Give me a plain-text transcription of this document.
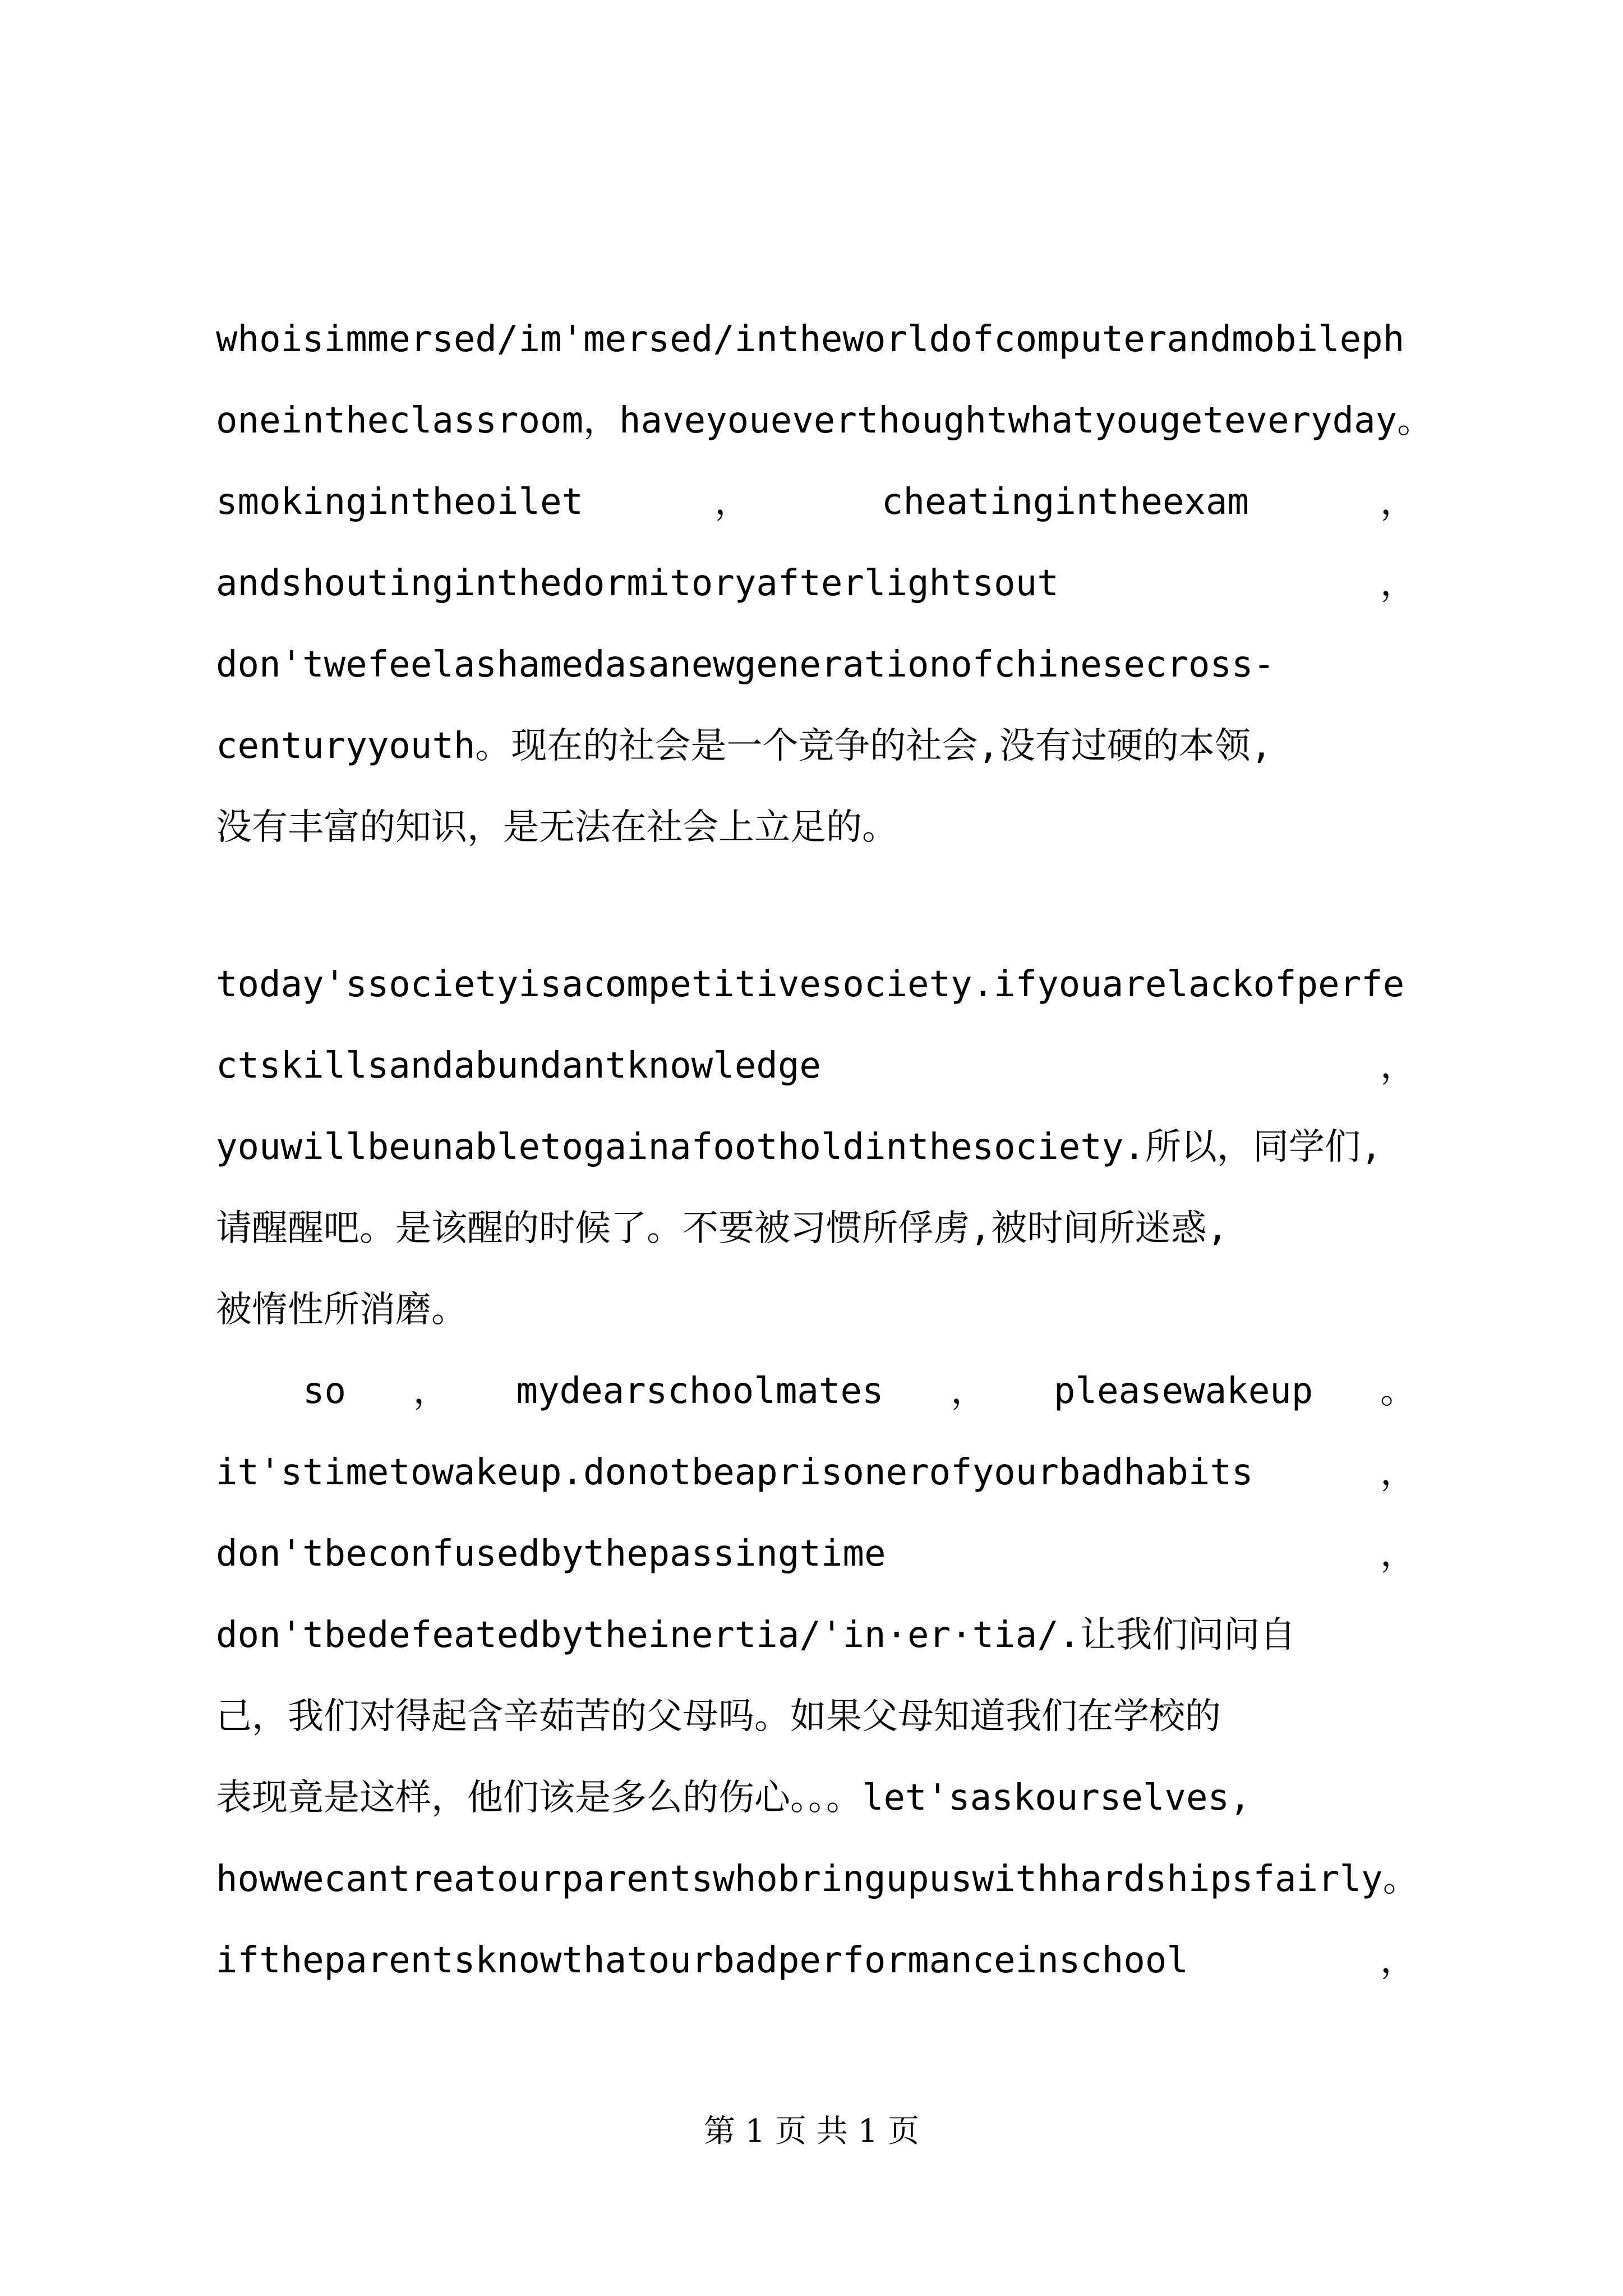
whoisimmersed/im'mersed/intheworldofcomputerandmobileph
oneintheclassroom，haveyoueverthoughtwhatyougeteveryday。
smokingintheoilet	，	cheatingintheexam	，
andshoutinginthedormitoryafterlightsout	，
don'twefeelashamedasanewgenerationofchinesecross-
centuryyouth。现在的社会是一个竞争的社会,没有过硬的本领,
没有丰富的知识，是无法在社会上立足的。
today'ssocietyisacompetitivesociety.ifyouarelackofperfe
ctskillsandabundantknowledge	，
youwillbeunabletogainafootholdinthesociety.所以，同学们,
请醒醒吧。是该醒的时候了。不要被习惯所俘虏,被时间所迷惑,
被惰性所消磨。
so ， mydearschoolmates ， pleasewakeup 。
it'stimetowakeup.donotbeaprisonerofyourbadhabits	，
don'tbeconfusedbythepassingtime	，
don'tbedefeatedbytheinertia/'in·er·tia/.让我们问问自
己，我们对得起含辛茹苦的父母吗。如果父母知道我们在学校的
表现竟是这样，他们该是多么的伤心。。。let'saskourselves,
howwecantreatourparentswhobringupuswithhardshipsfairly。
iftheparentsknowthatourbadperformanceinschool	，
第 1 页 共 1 页
